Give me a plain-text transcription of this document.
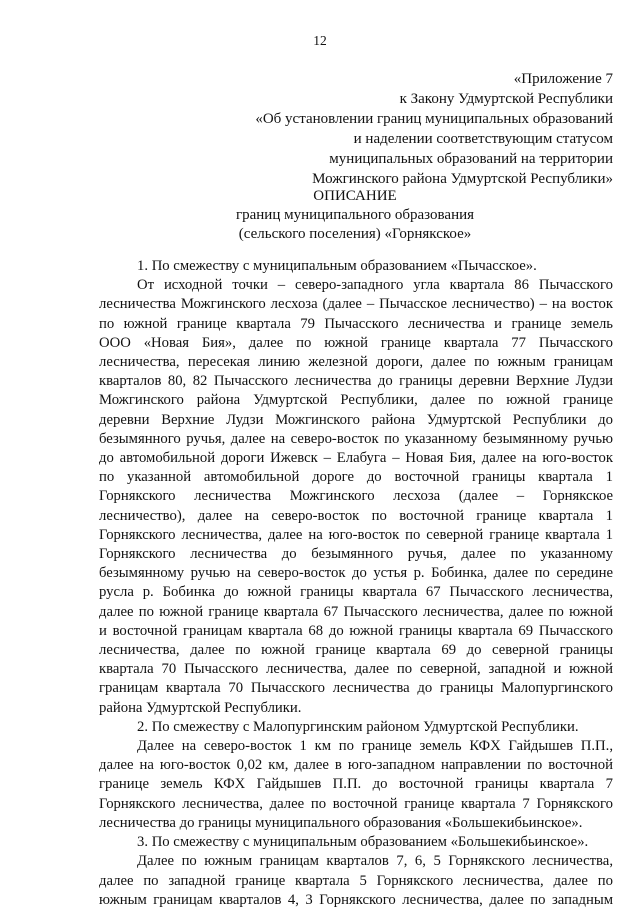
12
«Приложение 7
к Закону Удмуртской Республики
«Об установлении границ муниципальных образований
и наделении соответствующим статусом
муниципальных образований на территории
Можгинского района Удмуртской Республики»
ОПИСАНИЕ
границ муниципального образования
(сельского поселения) «Горнякское»
1. По смежеству с муниципальным образованием «Пычасское».
От исходной точки – северо-западного угла квартала 86 Пычасского
лесничества Можгинского лесхоза (далее – Пычасское лесничество) – на восток
по южной границе квартала 79 Пычасского лесничества и границе земель
ООО «Новая Бия», далее по южной границе квартала 77 Пычасского
лесничества, пересекая линию железной дороги, далее по южным границам
кварталов 80, 82 Пычасского лесничества до границы деревни Верхние Лудзи
Можгинского района Удмуртской Республики, далее по южной границе
деревни Верхние Лудзи Можгинского района Удмуртской Республики до
безымянного ручья, далее на северо-восток по указанному безымянному ручью
до автомобильной дороги Ижевск – Елабуга – Новая Бия, далее на юго-восток
по указанной автомобильной дороге до восточной границы квартала 1
Горнякского лесничества Можгинского лесхоза (далее – Горнякское
лесничество), далее на северо-восток по восточной границе квартала 1
Горнякского лесничества, далее на юго-восток по северной границе квартала 1
Горнякского лесничества до безымянного ручья, далее по указанному
безымянному ручью на северо-восток до устья р. Бобинка, далее по середине
русла р. Бобинка до южной границы квартала 67 Пычасского лесничества,
далее по южной границе квартала 67 Пычасского лесничества, далее по южной
и восточной границам квартала 68 до южной границы квартала 69 Пычасского
лесничества, далее по южной границе квартала 69 до северной границы
квартала 70 Пычасского лесничества, далее по северной, западной и южной
границам квартала 70 Пычасского лесничества до границы Малопургинского
района Удмуртской Республики.
2. По смежеству с Малопургинским районом Удмуртской Республики.
Далее на северо-восток 1 км по границе земель КФХ Гайдышев П.П.,
далее на юго-восток 0,02 км, далее в юго-западном направлении по восточной
границе земель КФХ Гайдышев П.П. до восточной границы квартала 7
Горнякского лесничества, далее по восточной границе квартала 7 Горнякского
лесничества до границы муниципального образования «Большекибьинское».
3. По смежеству с муниципальным образованием «Большекибьинское».
Далее по южным границам кварталов 7, 6, 5 Горнякского лесничества,
далее по западной границе квартала 5 Горнякского лесничества, далее по
южным границам кварталов 4, 3 Горнякского лесничества, далее по западным
